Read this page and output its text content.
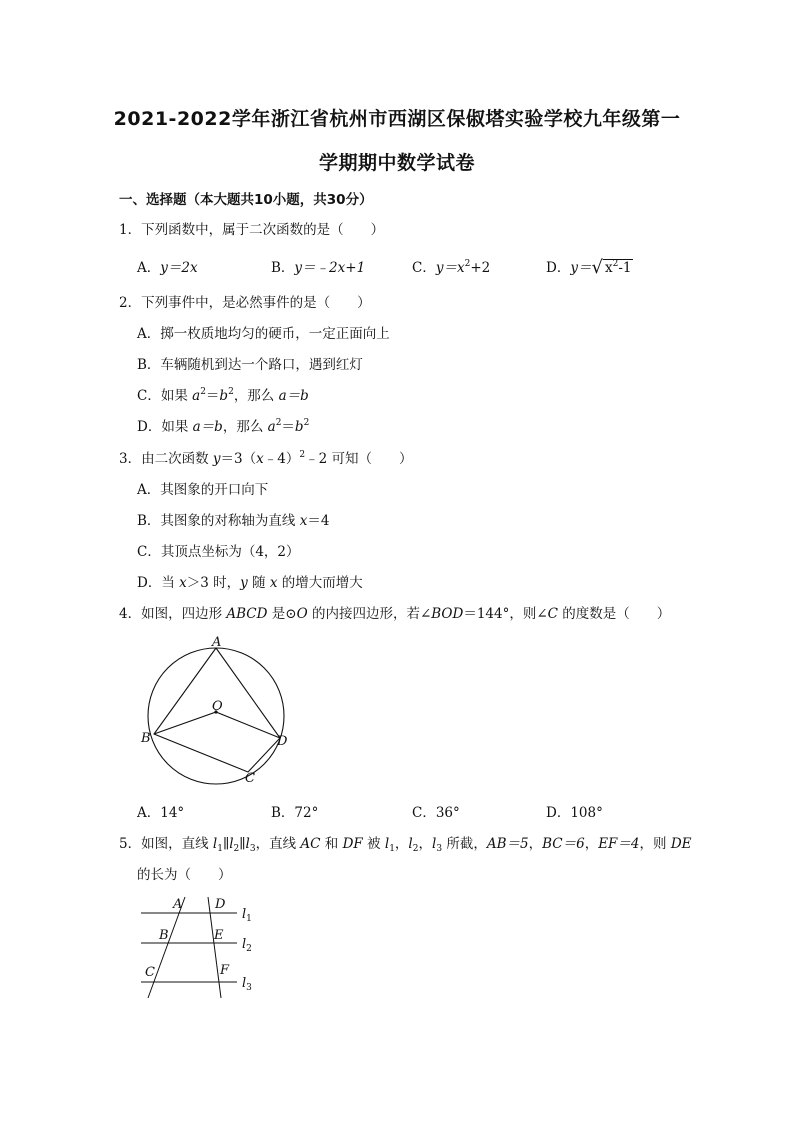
2021-2022学年浙江省杭州市西湖区保俶塔实验学校九年级第一
学期期中数学试卷
一、选择题（本大题共10小题，共30分）
1．下列函数中，属于二次函数的是（　　）
A．y＝2x	B．y＝﹣2x+1	C．$y=x^2+2$	D．y＝√ $x^2-1$
2．下列事件中，是必然事件的是（　　）
A．掷一枚质地均匀的硬币，一定正面向上
B．车辆随机到达一个路口，遇到红灯
C．如果 $a^2=b^2$，那么 a＝b
D．如果 a＝b，那么 $a^2=b^2$
3．由二次函数 y＝3（x﹣4）$^2$﹣2 可知（　　）
A．其图象的开口向下
B．其图象的对称轴为直线 x＝4
C．其顶点坐标为（4，2）
D．当 x＞3 时，y 随 x 的增大而增大
4．如图，四边形 ABCD 是⊙O 的内接四边形，若∠BOD＝144°，则∠C 的度数是（　　）
A
O
B	D
C
A．14°	B．72°	C．36°	D．108°
5．如图，直线 $l_1\parallel l_2\parallel l_3$，直线 AC 和 DF 被 $l_1$，$l_2$，$l_3$ 所截，AB＝5，BC＝6，EF＝4，则 DE
的长为（　　）
A	D
B	E
C	F
$l_1$
$l_2$
$l_3$
